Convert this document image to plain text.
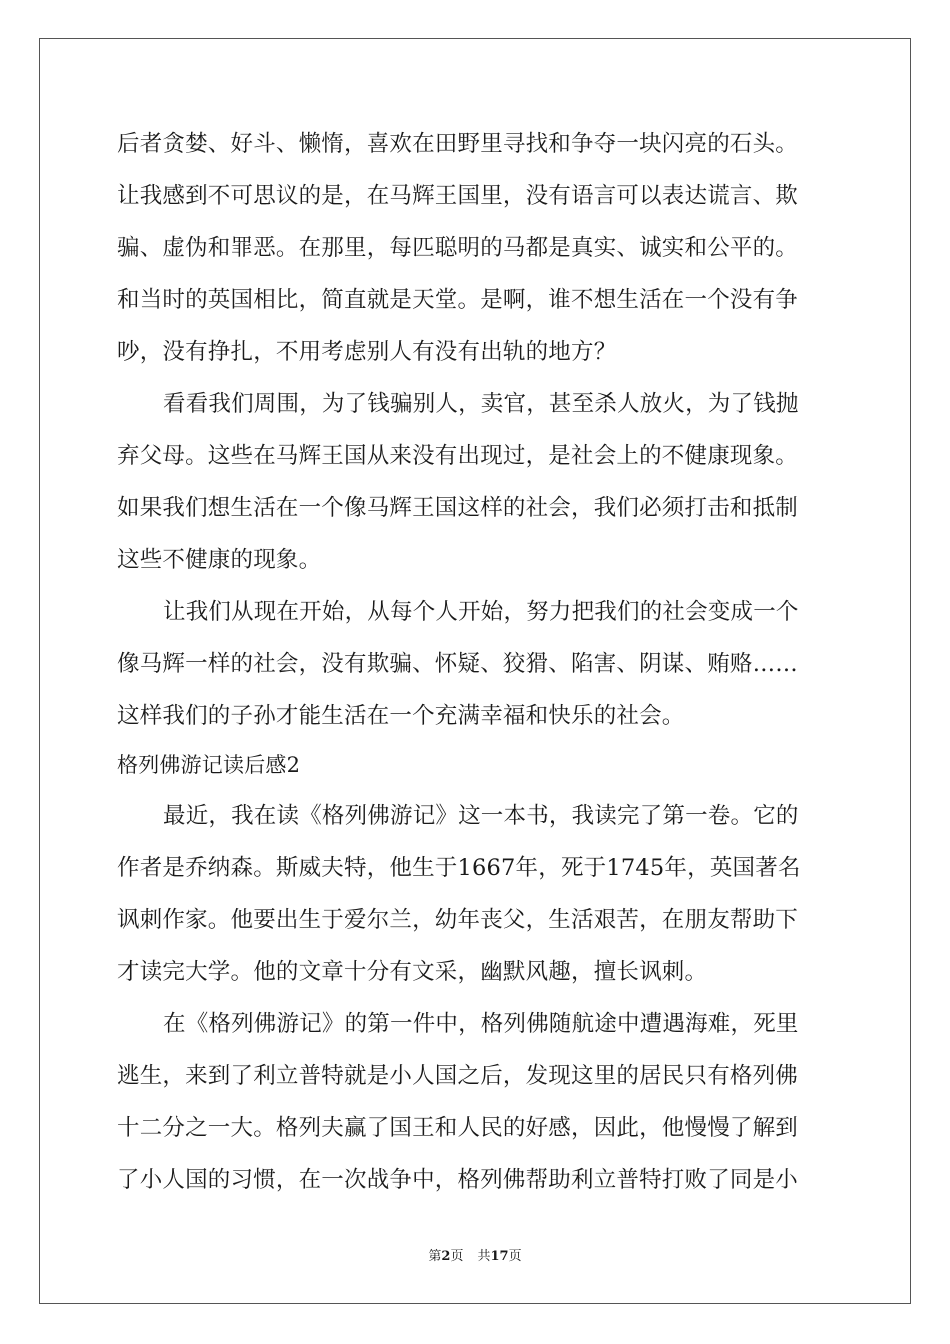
后者贪婪、好斗、懒惰，喜欢在田野里寻找和争夺一块闪亮的石头。
让我感到不可思议的是，在马辉王国里，没有语言可以表达谎言、欺
骗、虚伪和罪恶。在那里，每匹聪明的马都是真实、诚实和公平的。
和当时的英国相比，简直就是天堂。是啊，谁不想生活在一个没有争
吵，没有挣扎，不用考虑别人有没有出轨的地方？
看看我们周围，为了钱骗别人，卖官，甚至杀人放火，为了钱抛
弃父母。这些在马辉王国从来没有出现过，是社会上的不健康现象。
如果我们想生活在一个像马辉王国这样的社会，我们必须打击和抵制
这些不健康的现象。
让我们从现在开始，从每个人开始，努力把我们的社会变成一个
像马辉一样的社会，没有欺骗、怀疑、狡猾、陷害、阴谋、贿赂……
这样我们的子孙才能生活在一个充满幸福和快乐的社会。
格列佛游记读后感2
最近，我在读《格列佛游记》这一本书，我读完了第一卷。它的
作者是乔纳森。斯威夫特，他生于1667年，死于1745年，英国著名
讽刺作家。他要出生于爱尔兰，幼年丧父，生活艰苦，在朋友帮助下
才读完大学。他的文章十分有文采，幽默风趣，擅长讽刺。
在《格列佛游记》的第一件中，格列佛随航途中遭遇海难，死里
逃生，来到了利立普特就是小人国之后，发现这里的居民只有格列佛
十二分之一大。格列夫赢了国王和人民的好感，因此，他慢慢了解到
了小人国的习惯，在一次战争中，格列佛帮助利立普特打败了同是小
第2页 共17页
